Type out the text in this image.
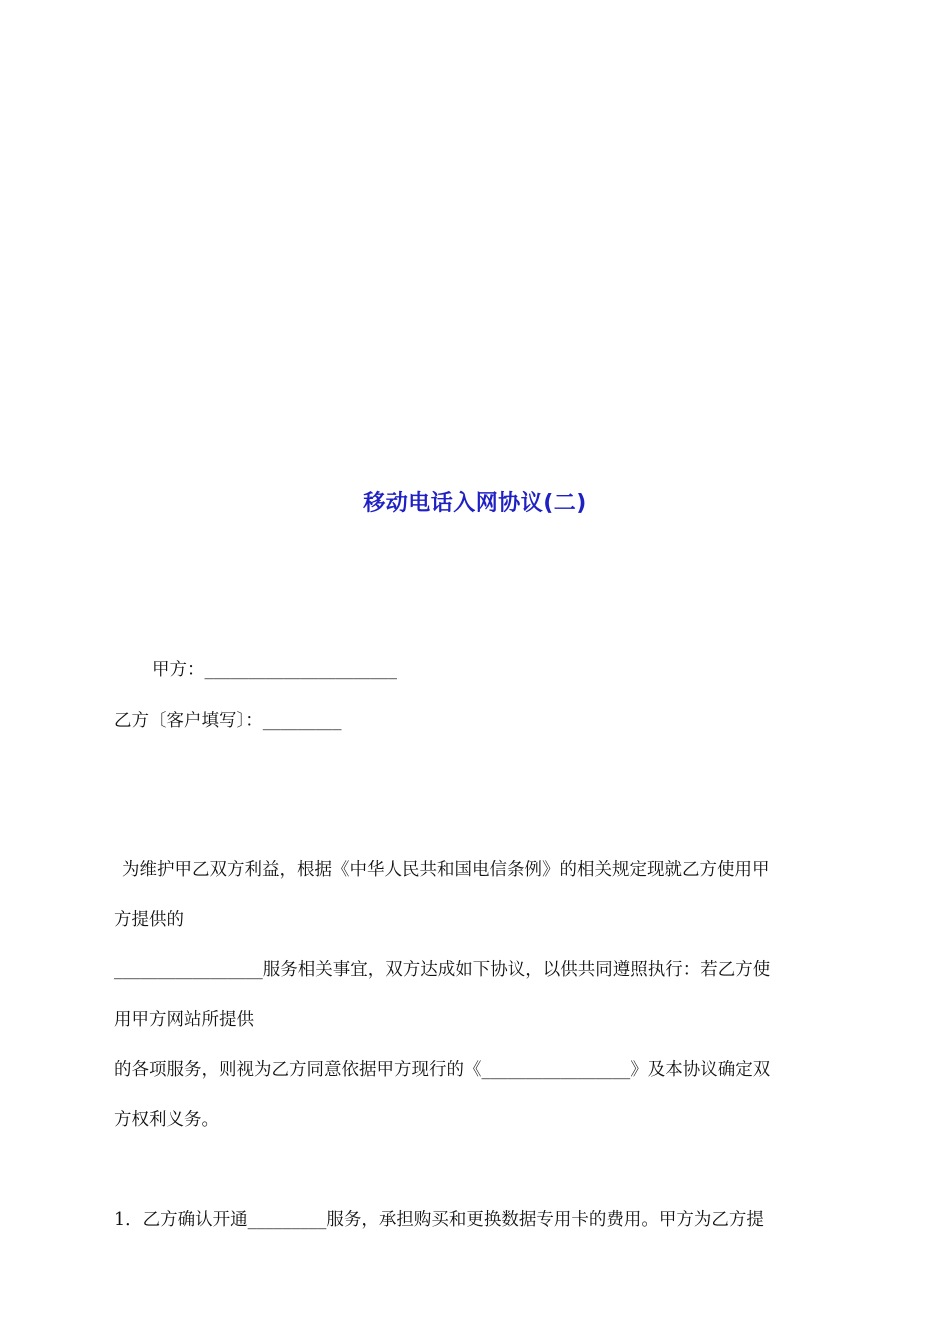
移动电话入网协议(二)
甲方：______________________
乙方〔客户填写〕：_________
为维护甲乙双方利益，根据《中华人民共和国电信条例》的相关规定现就乙方使用甲
方提供的
_________________服务相关事宜，双方达成如下协议，以供共同遵照执行：若乙方使
用甲方网站所提供
的各项服务，则视为乙方同意依据甲方现行的《_________________》及本协议确定双
方权利义务。
1．乙方确认开通_________服务，承担购买和更换数据专用卡的费用。甲方为乙方提
